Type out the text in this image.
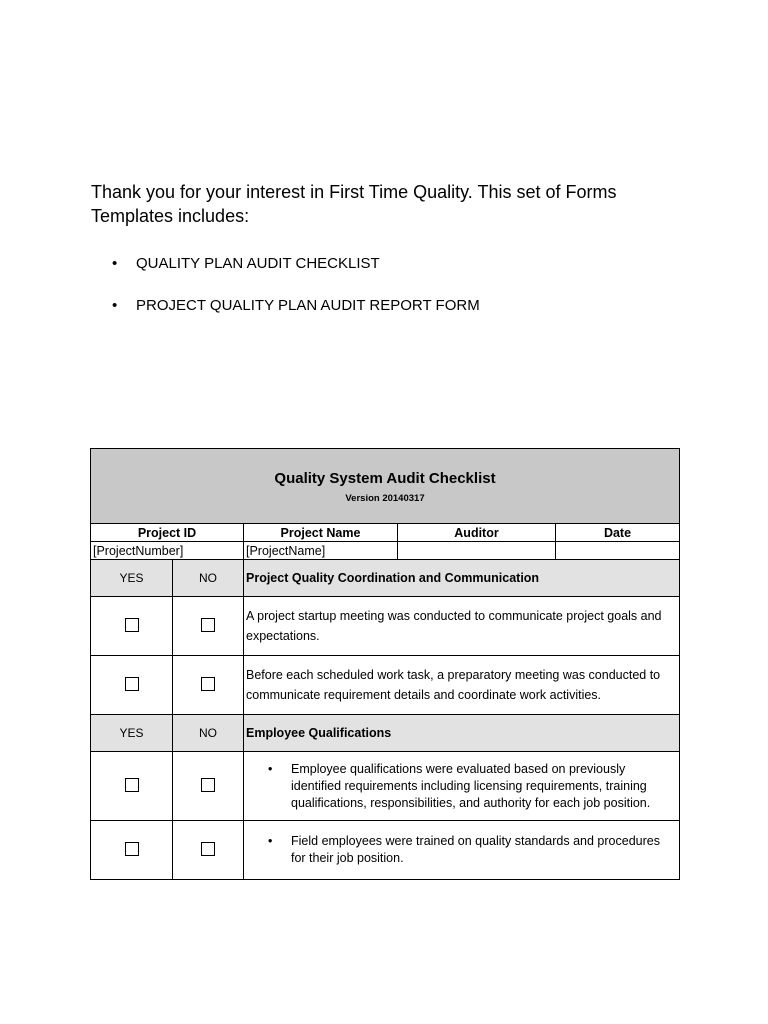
Thank you for your interest in First Time Quality. This set of Forms Templates includes:

•	QUALITY PLAN AUDIT CHECKLIST
•	PROJECT QUALITY PLAN AUDIT REPORT FORM
Quality System Audit Checklist
Version 20140317				

Project ID		Project Name	Auditor	Date
[ProjectNumber]		[ProjectName]		
YES	NO	Project Quality Coordination and Communication		
		A project startup meeting was conducted to communicate project goals and expectations.		
		Before each scheduled work task, a preparatory meeting was conducted to communicate requirement details and coordinate work activities.		
YES	NO	Employee Qualifications		

		• Employee qualifications were evaluated based on previously identified requirements including licensing requirements, training qualifications, responsibilities, and authority for each job position.		

		• Field employees were trained on quality standards and procedures for their job position.		
